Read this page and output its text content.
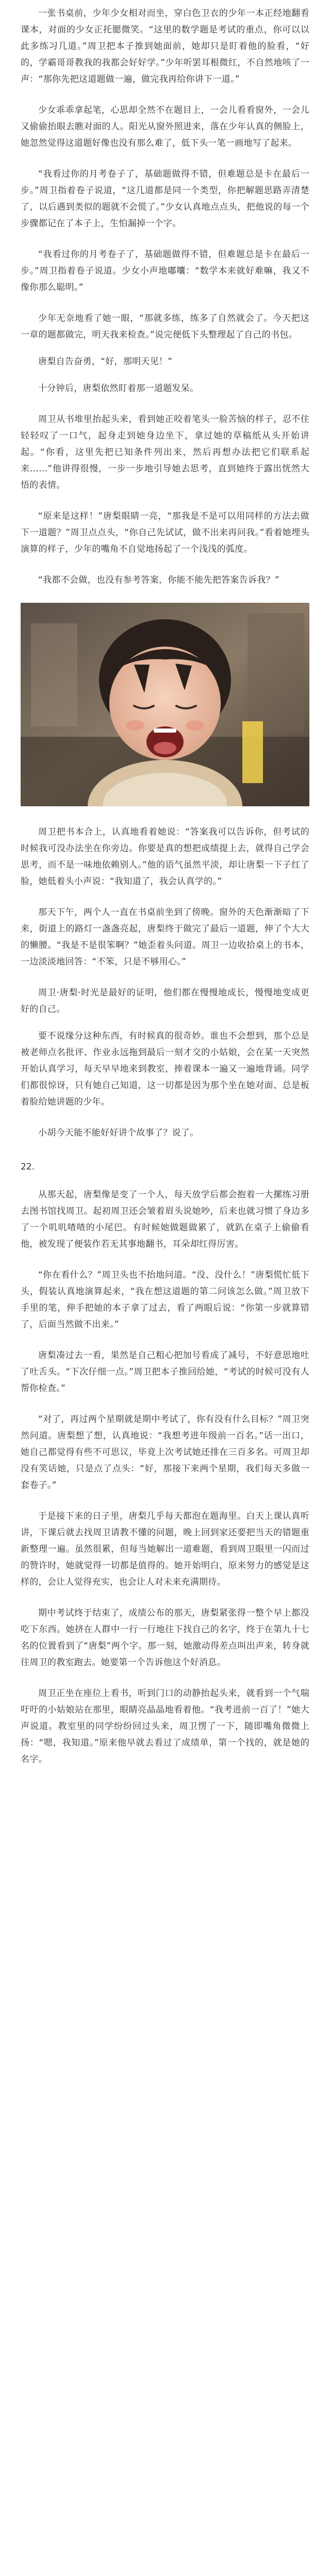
一张书桌前，少年少女相对而坐，穿白色卫衣的少年一本正经地翻看课本，对面的少女正托腮微笑。“这里的数学题是考试的重点，你可以以此多练习几道。”周卫把本子推到她面前，她却只是盯着他的脸看，“好的，学霸哥哥教我的我都会好好学。”少年听罢耳根微红，不自然地咳了一声：“那你先把这道题做一遍，做完我再给你讲下一道。”

少女乖乖拿起笔，心思却全然不在题目上，一会儿看看窗外，一会儿又偷偷抬眼去瞧对面的人。阳光从窗外照进来，落在少年认真的侧脸上，她忽然觉得这道题好像也没有那么难了，低下头一笔一画地写了起来。

“我看过你的月考卷子了，基础题做得不错，但难题总是卡在最后一步。”周卫指着卷子说道，“这几道都是同一个类型，你把解题思路弄清楚了，以后遇到类似的题就不会慌了。”少女认真地点点头，把他说的每一个步骤都记在了本子上，生怕漏掉一个字。

“我看过你的月考卷子了，基础题做得不错，但难题总是卡在最后一步。”周卫指着卷子说道。少女小声地嘟囔：“数学本来就好难嘛，我又不像你那么聪明。”

少年无奈地看了她一眼，“那就多练，练多了自然就会了。今天把这一章的题都做完，明天我来检查。”说完便低下头整理起了自己的书包。

唐梨自告奋勇，“好，那明天见！”

十分钟后，唐梨依然盯着那一道题发呆。

周卫从书堆里抬起头来，看到她正咬着笔头一脸苦恼的样子，忍不住轻轻叹了一口气，起身走到她身边坐下，拿过她的草稿纸从头开始讲起。“你看，这里先把已知条件列出来，然后再想办法把它们联系起来……”他讲得很慢，一步一步地引导她去思考，直到她终于露出恍然大悟的表情。

“原来是这样！”唐梨眼睛一亮，“那我是不是可以用同样的方法去做下一道题？”周卫点点头，“你自己先试试，做不出来再问我。”看着她埋头演算的样子，少年的嘴角不自觉地扬起了一个浅浅的弧度。

“我都不会做，也没有参考答案，你能不能先把答案告诉我？”

周卫把书本合上，认真地看着她说：“答案我可以告诉你，但考试的时候我可没办法坐在你旁边。你要是真的想把成绩提上去，就得自己学会思考，而不是一味地依赖别人。”他的语气虽然平淡，却让唐梨一下子红了脸，她低着头小声说：“我知道了，我会认真学的。”

那天下午，两个人一直在书桌前坐到了傍晚。窗外的天色渐渐暗了下来，街道上的路灯一盏盏亮起，唐梨终于做完了最后一道题，伸了个大大的懒腰。“我是不是很笨啊？”她歪着头问道。周卫一边收拾桌上的书本，一边淡淡地回答：“不笨，只是不够用心。”

周卫·唐梨·时光是最好的证明，他们都在慢慢地成长，慢慢地变成更好的自己。

要不说缘分这种东西，有时候真的很奇妙。谁也不会想到，那个总是被老师点名批评、作业永远拖到最后一刻才交的小姑娘，会在某一天突然开始认真学习，每天早早地来到教室，捧着课本一遍又一遍地背诵。同学们都很惊讶，只有她自己知道，这一切都是因为那个坐在她对面、总是板着脸给她讲题的少年。

小胡今天能不能好好讲个故事了？说了。

22.

从那天起，唐梨像是变了一个人，每天放学后都会抱着一大摞练习册去图书馆找周卫。起初周卫还会皱着眉头说她吵，后来也就习惯了身边多了一个叽叽喳喳的小尾巴。有时候她做题做累了，就趴在桌子上偷偷看他，被发现了便装作若无其事地翻书，耳朵却红得厉害。

“你在看什么？”周卫头也不抬地问道。“没、没什么！”唐梨慌忙低下头，假装认真地演算起来，“我在想这道题的第二问该怎么做。”周卫放下手里的笔，伸手把她的本子拿了过去，看了两眼后说：“你第一步就算错了，后面当然做不出来。”

唐梨凑过去一看，果然是自己粗心把加号看成了减号，不好意思地吐了吐舌头。“下次仔细一点。”周卫把本子推回给她，“考试的时候可没有人帮你检查。”

“对了，再过两个星期就是期中考试了，你有没有什么目标？”周卫突然问道。唐梨想了想，认真地说：“我想考进年级前一百名。”话一出口，她自己都觉得有些不可思议，毕竟上次考试她还排在三百多名。可周卫却没有笑话她，只是点了点头：“好，那接下来两个星期，我们每天多做一套卷子。”

于是接下来的日子里，唐梨几乎每天都泡在题海里。白天上课认真听讲，下课后就去找周卫请教不懂的问题，晚上回到家还要把当天的错题重新整理一遍。虽然很累，但每当她解出一道难题，看到周卫眼里一闪而过的赞许时，她就觉得一切都是值得的。她开始明白，原来努力的感觉是这样的，会让人觉得充实，也会让人对未来充满期待。

期中考试终于结束了，成绩公布的那天，唐梨紧张得一整个早上都没吃下东西。她挤在人群中一行一行地往下找自己的名字，终于在第九十七名的位置看到了“唐梨”两个字。那一刻，她激动得差点叫出声来，转身就往周卫的教室跑去。她要第一个告诉他这个好消息。

周卫正坐在座位上看书，听到门口的动静抬起头来，就看到一个气喘吁吁的小姑娘站在那里，眼睛亮晶晶地看着他。“我考进前一百了！”她大声说道。教室里的同学纷纷回过头来，周卫愣了一下，随即嘴角微微上扬：“嗯，我知道。”原来他早就去看过了成绩单，第一个找的，就是她的名字。
